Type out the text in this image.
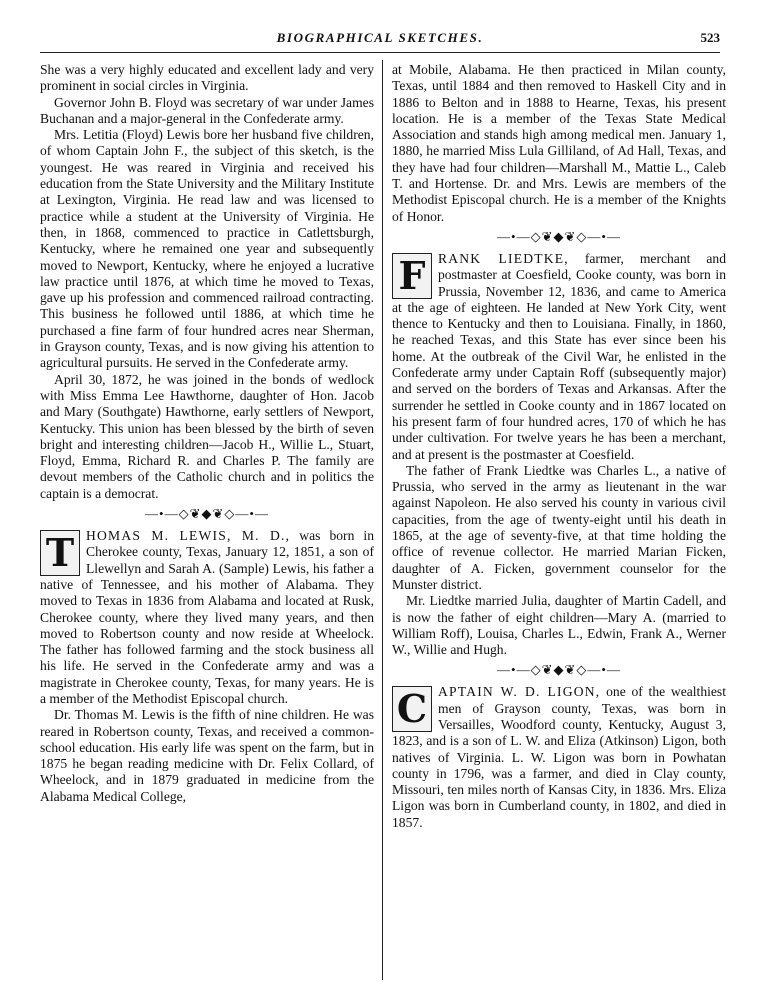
BIOGRAPHICAL SKETCHES.	523

She was a very highly educated and excellent lady and very prominent in social circles in Virginia.

Governor John B. Floyd was secretary of war under James Buchanan and a major-general in the Confederate army.

Mrs. Letitia (Floyd) Lewis bore her husband five children, of whom Captain John F., the subject of this sketch, is the youngest. He was reared in Virginia and received his education from the State University and the Military Institute at Lexington, Virginia. He read law and was licensed to practice while a student at the University of Virginia. He then, in 1868, commenced to practice in Catlettsburgh, Kentucky, where he remained one year and subsequently moved to Newport, Kentucky, where he enjoyed a lucrative law practice until 1876, at which time he moved to Texas, gave up his profession and commenced railroad contracting. This business he followed until 1886, at which time he purchased a fine farm of four hundred acres near Sherman, in Grayson county, Texas, and is now giving his attention to agricultural pursuits. He served in the Confederate army.

April 30, 1872, he was joined in the bonds of wedlock with Miss Emma Lee Hawthorne, daughter of Hon. Jacob and Mary (Southgate) Hawthorne, early settlers of Newport, Kentucky. This union has been blessed by the birth of seven bright and interesting children—Jacob H., Willie L., Stuart, Floyd, Emma, Richard R. and Charles P. The family are devout members of the Catholic church and in politics the captain is a democrat.

—•—◇❦◆❦◇—•—
T HOMAS M. LEWIS, M. D., was born in Cherokee county, Texas, January 12, 1851, a son of Llewellyn and Sarah A. (Sample) Lewis, his father a native of Tennessee, and his mother of Alabama. They moved to Texas in 1836 from Alabama and located at Rusk, Cherokee county, where they lived many years, and then moved to Robertson county and now reside at Wheelock. The father has followed farming and the stock business all his life. He served in the Confederate army and was a magistrate in Cherokee county, Texas, for many years. He is a member of the Methodist Episcopal church.

Dr. Thomas M. Lewis is the fifth of nine children. He was reared in Robertson county, Texas, and received a common-school education. His early life was spent on the farm, but in 1875 he began reading medicine with Dr. Felix Collard, of Wheelock, and in 1879 graduated in medicine from the Alabama Medical College,

at Mobile, Alabama. He then practiced in Milan county, Texas, until 1884 and then removed to Haskell City and in 1886 to Belton and in 1888 to Hearne, Texas, his present location. He is a member of the Texas State Medical Association and stands high among medical men. January 1, 1880, he married Miss Lula Gilliland, of Ad Hall, Texas, and they have had four children—Marshall M., Mattie L., Caleb T. and Hortense. Dr. and Mrs. Lewis are members of the Methodist Episcopal church. He is a member of the Knights of Honor.

—•—◇❦◆❦◇—•—
F RANK LIEDTKE, farmer, merchant and postmaster at Coesfield, Cooke county, was born in Prussia, November 12, 1836, and came to America at the age of eighteen. He landed at New York City, went thence to Kentucky and then to Louisiana. Finally, in 1860, he reached Texas, and this State has ever since been his home. At the outbreak of the Civil War, he enlisted in the Confederate army under Captain Roff (subsequently major) and served on the borders of Texas and Arkansas. After the surrender he settled in Cooke county and in 1867 located on his present farm of four hundred acres, 170 of which he has under cultivation. For twelve years he has been a merchant, and at present is the postmaster at Coesfield.

The father of Frank Liedtke was Charles L., a native of Prussia, who served in the army as lieutenant in the war against Napoleon. He also served his county in various civil capacities, from the age of twenty-eight until his death in 1865, at the age of seventy-five, at that time holding the office of revenue collector. He married Marian Ficken, daughter of A. Ficken, government counselor for the Munster district.

Mr. Liedtke married Julia, daughter of Martin Cadell, and is now the father of eight children—Mary A. (married to William Roff), Louisa, Charles L., Edwin, Frank A., Werner W., Willie and Hugh.

—•—◇❦◆❦◇—•—
C APTAIN W. D. LIGON, one of the wealthiest men of Grayson county, Texas, was born in Versailles, Woodford county, Kentucky, August 3, 1823, and is a son of L. W. and Eliza (Atkinson) Ligon, both natives of Virginia. L. W. Ligon was born in Powhatan county in 1796, was a farmer, and died in Clay county, Missouri, ten miles north of Kansas City, in 1836. Mrs. Eliza Ligon was born in Cumberland county, in 1802, and died in 1857.
